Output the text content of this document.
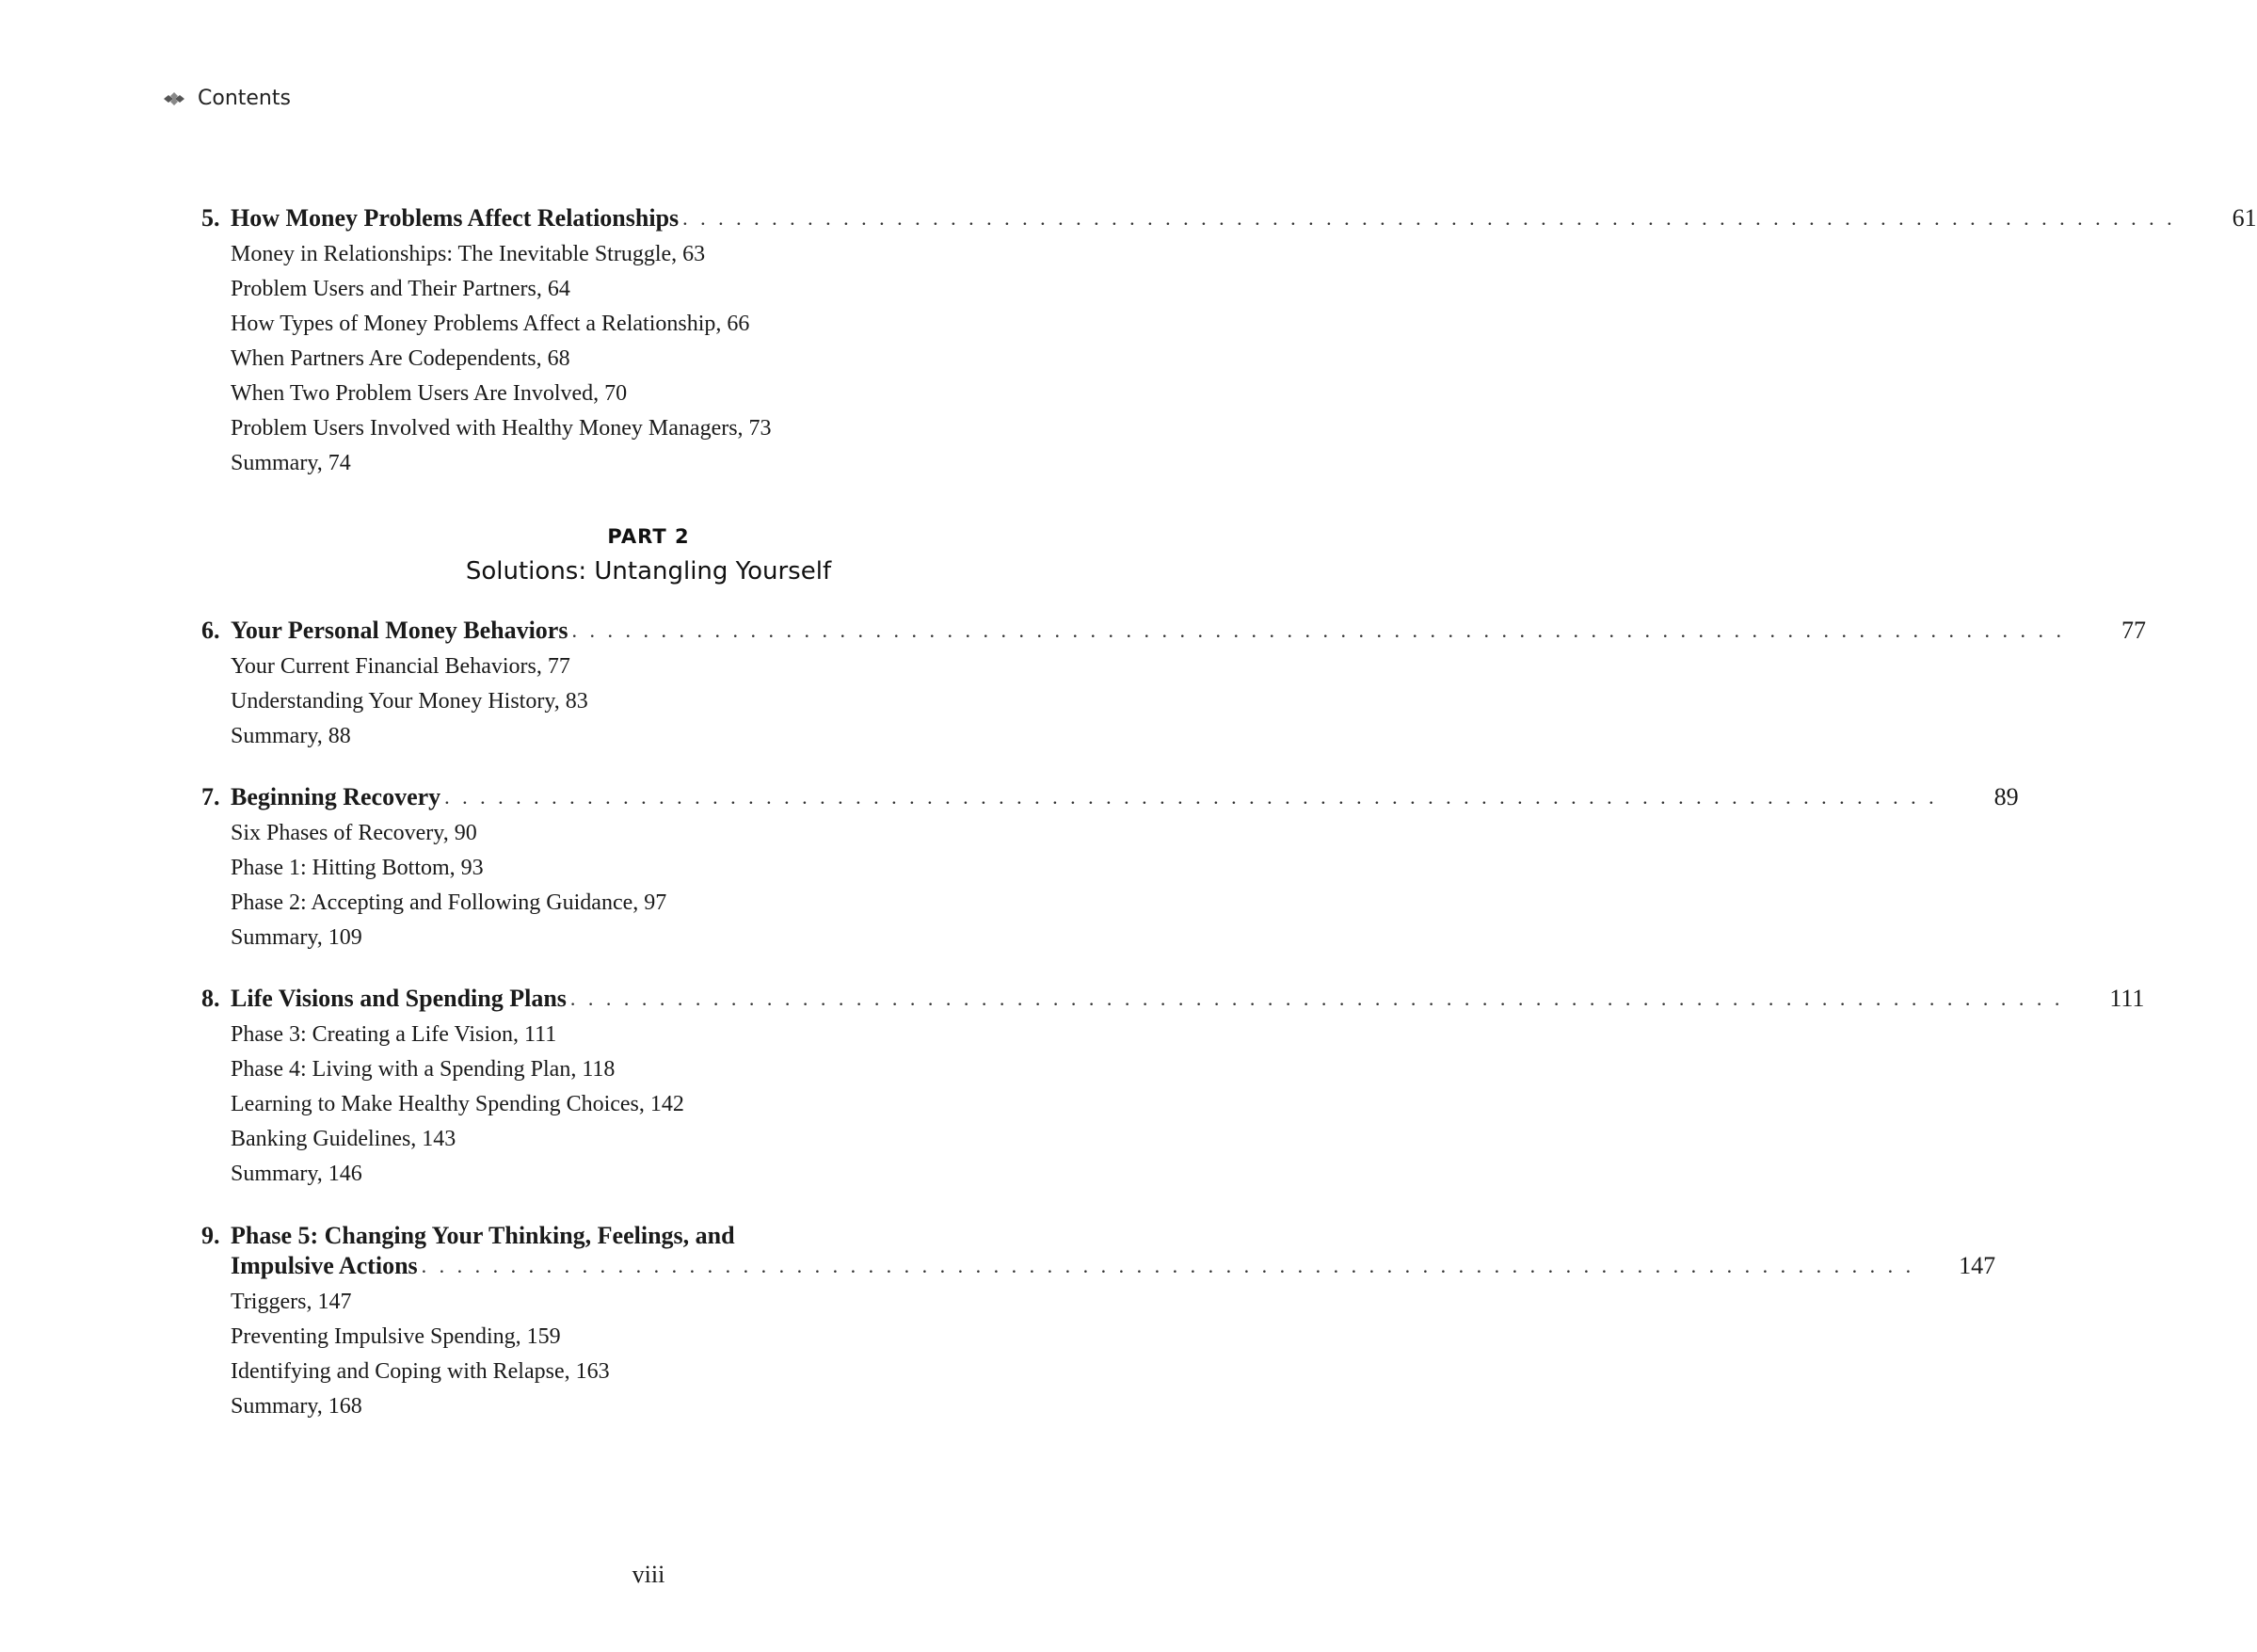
Contents
5. How Money Problems Affect Relationships . . . . . . . . . . . . . . . . . . . . . . . . . . . . . . . . . . . . . . . . . . . . . . . . . . . . . . . . . . . . . . . . . . . . . . . . . . . . . . . . . . . .	61
Money in Relationships: The Inevitable Struggle, 63
Problem Users and Their Partners, 64
How Types of Money Problems Affect a Relationship, 66
When Partners Are Codependents, 68
When Two Problem Users Are Involved, 70
Problem Users Involved with Healthy Money Managers, 73
Summary, 74
PART 2
Solutions: Untangling Yourself
6. Your Personal Money Behaviors . . . . . . . . . . . . . . . . . . . . . . . . . . . . . . . . . . . . . . . . . . . . . . . . . . . . . . . . . . . . . . . . . . . . . . . . . . . . . . . . . . . .	77
Your Current Financial Behaviors, 77
Understanding Your Money History, 83
Summary, 88
7. Beginning Recovery . . . . . . . . . . . . . . . . . . . . . . . . . . . . . . . . . . . . . . . . . . . . . . . . . . . . . . . . . . . . . . . . . . . . . . . . . . . . . . . . . . . .	89
Six Phases of Recovery, 90
Phase 1: Hitting Bottom, 93
Phase 2: Accepting and Following Guidance, 97
Summary, 109
8. Life Visions and Spending Plans . . . . . . . . . . . . . . . . . . . . . . . . . . . . . . . . . . . . . . . . . . . . . . . . . . . . . . . . . . . . . . . . . . . . . . . . . . . . . . . . . . . .	111
Phase 3: Creating a Life Vision, 111
Phase 4: Living with a Spending Plan, 118
Learning to Make Healthy Spending Choices, 142
Banking Guidelines, 143
Summary, 146
9. Phase 5: Changing Your Thinking, Feelings, and
Impulsive Actions . . . . . . . . . . . . . . . . . . . . . . . . . . . . . . . . . . . . . . . . . . . . . . . . . . . . . . . . . . . . . . . . . . . . . . . . . . . . . . . . . . . .	147
Triggers, 147
Preventing Impulsive Spending, 159
Identifying and Coping with Relapse, 163
Summary, 168
viii
